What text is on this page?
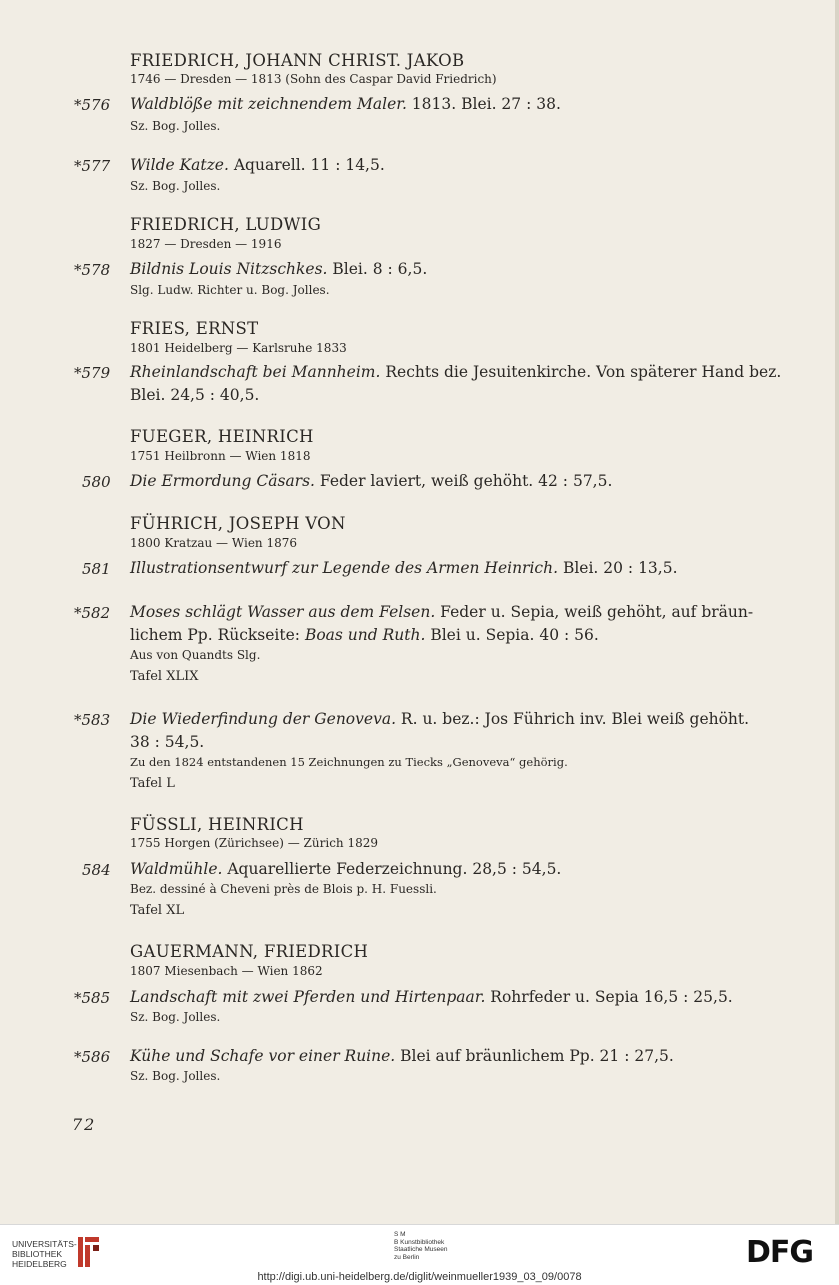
FRIEDRICH, JOHANN CHRIST. JAKOB
1746 — Dresden — 1813 (Sohn des Caspar David Friedrich)
*576 Waldblöße mit zeichnendem Maler. 1813. Blei. 27 : 38.
Sz. Bog. Jolles.
*577 Wilde Katze. Aquarell. 11 : 14,5.
Sz. Bog. Jolles.
FRIEDRICH, LUDWIG
1827 — Dresden — 1916
*578 Bildnis Louis Nitzschkes. Blei. 8 : 6,5.
Slg. Ludw. Richter u. Bog. Jolles.
FRIES, ERNST
1801 Heidelberg — Karlsruhe 1833
*579 Rheinlandschaft bei Mannheim. Rechts die Jesuitenkirche. Von späterer Hand bez.
Blei. 24,5 : 40,5.
FUEGER, HEINRICH
1751 Heilbronn — Wien 1818
580 Die Ermordung Cäsars. Feder laviert, weiß gehöht. 42 : 57,5.
FÜHRICH, JOSEPH VON
1800 Kratzau — Wien 1876
581 Illustrationsentwurf zur Legende des Armen Heinrich. Blei. 20 : 13,5.
*582 Moses schlägt Wasser aus dem Felsen. Feder u. Sepia, weiß gehöht, auf bräun-
lichem Pp. Rückseite: Boas und Ruth. Blei u. Sepia. 40 : 56.
Aus von Quandts Slg.
Tafel XLIX
*583 Die Wiederfindung der Genoveva. R. u. bez.: Jos Führich inv. Blei weiß gehöht.
38 : 54,5.
Zu den 1824 entstandenen 15 Zeichnungen zu Tiecks „Genoveva“ gehörig.
Tafel L
FÜSSLI, HEINRICH
1755 Horgen (Zürichsee) — Zürich 1829
584 Waldmühle. Aquarellierte Federzeichnung. 28,5 : 54,5.
Bez. dessiné à Cheveni près de Blois p. H. Fuessli.
Tafel XL
GAUERMANN, FRIEDRICH
1807 Miesenbach — Wien 1862
*585 Landschaft mit zwei Pferden und Hirtenpaar. Rohrfeder u. Sepia 16,5 : 25,5.
Sz. Bog. Jolles.
*586 Kühe und Schafe vor einer Ruine. Blei auf bräunlichem Pp. 21 : 27,5.
Sz. Bog. Jolles.
72
UNIVERSITÄTS-
BIBLIOTHEK
HEIDELBERG
S M
B Kunstbibliothek
Staatliche Museen
zu Berlin	DFG
http://digi.ub.uni-heidelberg.de/diglit/weinmueller1939_03_09/0078
